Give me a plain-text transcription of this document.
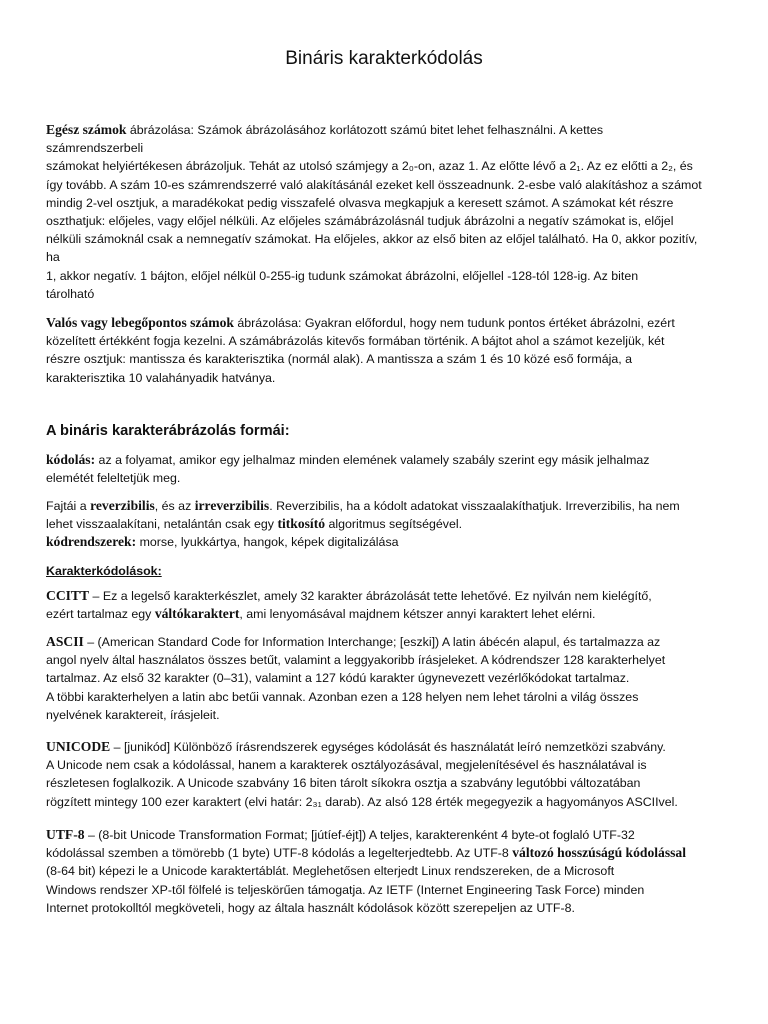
Bináris karakterkódolás
Egész számok ábrázolása: Számok ábrázolásához korlátozott számú bitet lehet felhasználni. A kettes
számrendszerbeli
számokat helyiértékesen ábrázoljuk. Tehát az utolsó számjegy a 2₀-on, azaz 1. Az előtte lévő a 2₁. Az ez előtti a 2₂, és
így tovább. A szám 10-es számrendszerré való alakításánál ezeket kell összeadnunk. 2-esbe való alakításhoz a számot
mindig 2-vel osztjuk, a maradékokat pedig visszafelé olvasva megkapjuk a keresett számot. A számokat két részre
oszthatjuk: előjeles, vagy előjel nélküli. Az előjeles számábrázolásnál tudjuk ábrázolni a negatív számokat is, előjel
nélküli számoknál csak a nemnegatív számokat. Ha előjeles, akkor az első biten az előjel található. Ha 0, akkor pozitív,
ha
1, akkor negatív. 1 bájton, előjel nélkül 0-255-ig tudunk számokat ábrázolni, előjellel -128-tól 128-ig. Az biten
tárolható
Valós vagy lebegőpontos számok ábrázolása: Gyakran előfordul, hogy nem tudunk pontos értéket ábrázolni, ezért
közelített értékként fogja kezelni. A számábrázolás kitevős formában történik. A bájtot ahol a számot kezeljük, két
részre osztjuk: mantissza és karakterisztika (normál alak). A mantissza a szám 1 és 10 közé eső formája, a
karakterisztika 10 valahányadik hatványa.
A bináris karakterábrázolás formái:
kódolás: az a folyamat, amikor egy jelhalmaz minden elemének valamely szabály szerint egy másik jelhalmaz
elemétét feleltetjük meg.
Fajtái a reverzibilis, és az irreverzibilis. Reverzibilis, ha a kódolt adatokat visszaalakíthatjuk. Irreverzibilis, ha nem
lehet visszaalakítani, netalántán csak egy titkosító algoritmus segítségével.
kódrendszerek: morse, lyukkártya, hangok, képek digitalizálása
Karakterkódolások:
CCITT – Ez a legelső karakterkészlet, amely 32 karakter ábrázolását tette lehetővé. Ez nyilván nem kielégítő,
ezért tartalmaz egy váltókaraktert, ami lenyomásával majdnem kétszer annyi karaktert lehet elérni.
ASCII – (American Standard Code for Information Interchange; [eszki]) A latin ábécén alapul, és tartalmazza az
angol nyelv által használatos összes betűt, valamint a leggyakoribb írásjeleket. A kódrendszer 128 karakterhelyet
tartalmaz. Az első 32 karakter (0–31), valamint a 127 kódú karakter úgynevezett vezérlőkódokat tartalmaz.
A többi karakterhelyen a latin abc betűi vannak. Azonban ezen a 128 helyen nem lehet tárolni a világ összes
nyelvének karaktereit, írásjeleit.
UNICODE – [junikód] Különböző írásrendszerek egységes kódolását és használatát leíró nemzetközi szabvány.
A Unicode nem csak a kódolással, hanem a karakterek osztályozásával, megjelenítésével és használatával is
részletesen foglalkozik. A Unicode szabvány 16 biten tárolt síkokra osztja a szabvány legutóbbi változatában
rögzített mintegy 100 ezer karaktert (elvi határ: 2₃₁ darab). Az alsó 128 érték megegyezik a hagyományos ASCIIvel.
UTF-8 – (8-bit Unicode Transformation Format; [jútíef-éjt]) A teljes, karakterenként 4 byte-ot foglaló UTF-32
kódolással szemben a tömörebb (1 byte) UTF-8 kódolás a legelterjedtebb. Az UTF-8 változó hosszúságú kódolással
(8-64 bit) képezi le a Unicode karaktertáblát. Meglehetősen elterjedt Linux rendszereken, de a Microsoft
Windows rendszer XP-től fölfelé is teljeskörűen támogatja. Az IETF (Internet Engineering Task Force) minden
Internet protokolltól megköveteli, hogy az általa használt kódolások között szerepeljen az UTF-8.
